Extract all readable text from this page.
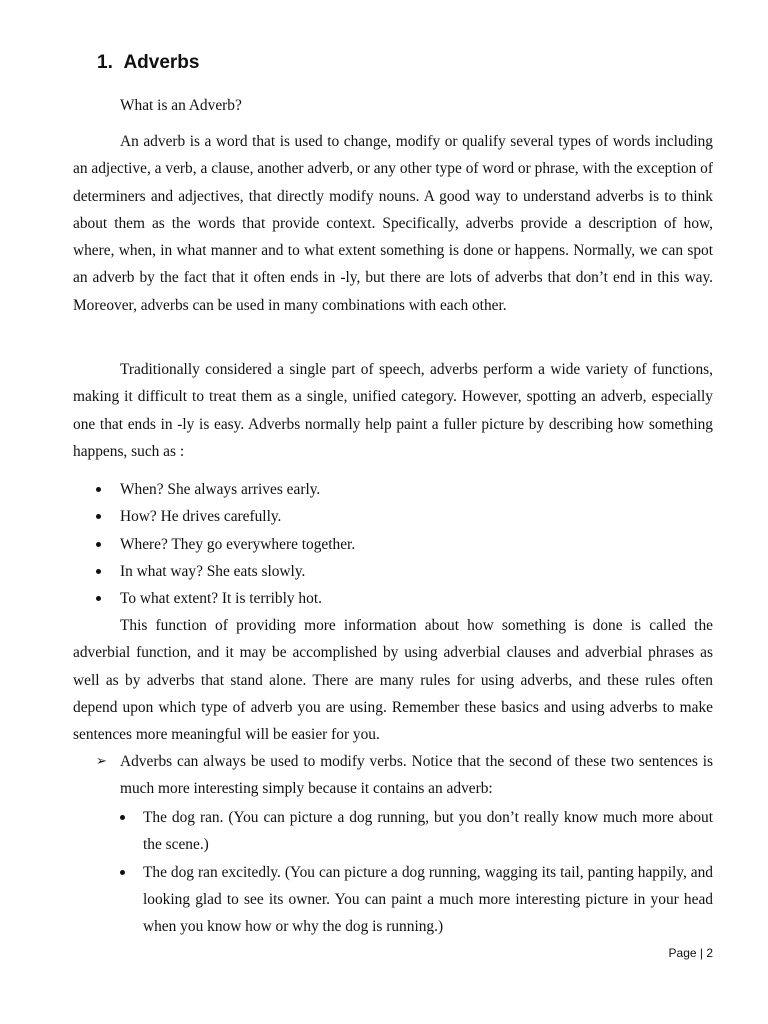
1. Adverbs

What is an Adverb?

An adverb is a word that is used to change, modify or qualify several types of words including an adjective, a verb, a clause, another adverb, or any other type of word or phrase, with the exception of determiners and adjectives, that directly modify nouns. A good way to understand adverbs is to think about them as the words that provide context. Specifically, adverbs provide a description of how, where, when, in what manner and to what extent something is done or happens. Normally, we can spot an adverb by the fact that it often ends in -ly, but there are lots of adverbs that don’t end in this way. Moreover, adverbs can be used in many combinations with each other.

Traditionally considered a single part of speech, adverbs perform a wide variety of functions, making it difficult to treat them as a single, unified category. However, spotting an adverb, especially one that ends in -ly is easy. Adverbs normally help paint a fuller picture by describing how something happens, such as :

When? She always arrives early.
How? He drives carefully.
Where? They go everywhere together.
In what way? She eats slowly.
To what extent? It is terribly hot.

This function of providing more information about how something is done is called the adverbial function, and it may be accomplished by using adverbial clauses and adverbial phrases as well as by adverbs that stand alone. There are many rules for using adverbs, and these rules often depend upon which type of adverb you are using. Remember these basics and using adverbs to make sentences more meaningful will be easier for you.

➢ Adverbs can always be used to modify verbs. Notice that the second of these two sentences is much more interesting simply because it contains an adverb:

The dog ran. (You can picture a dog running, but you don’t really know much more about the scene.)
The dog ran excitedly. (You can picture a dog running, wagging its tail, panting happily, and looking glad to see its owner. You can paint a much more interesting picture in your head when you know how or why the dog is running.)
Page | 2
